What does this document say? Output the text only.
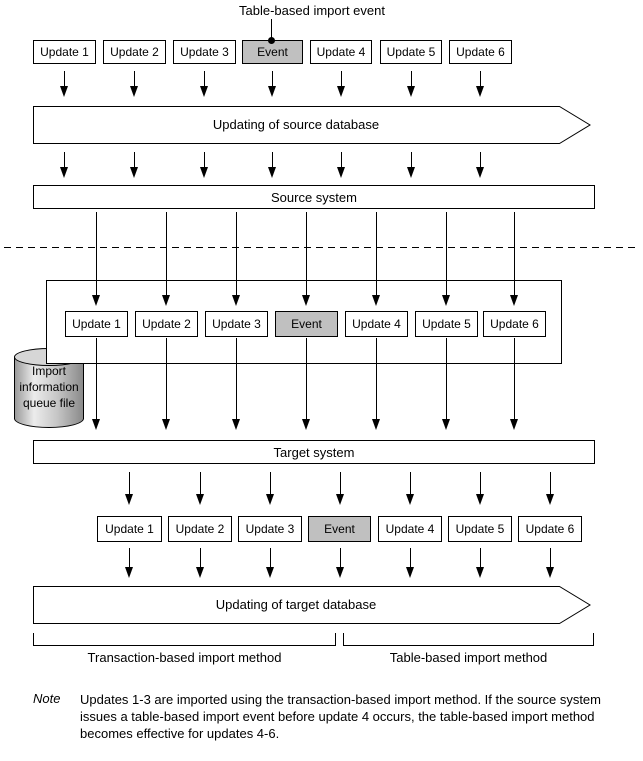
Table-based import event
Updating of source database
Source system
Import
information
queue file
Target system
Updating of target database
Transaction-based import method	Table-based import method
Note Updates 1-3 are imported using the transaction-based import method. If the source system issues a table-based import event before update 4 occurs, the table-based import method becomes effective for updates 4-6.
Update 1	Update 2	Update 3	Event	Update 4	Update 5	Update 6
Update 1	Update 2	Update 3	Event	Update 4	Update 5	Update 6
Update 1	Update 2	Update 3	Event	Update 4	Update 5	Update 6
